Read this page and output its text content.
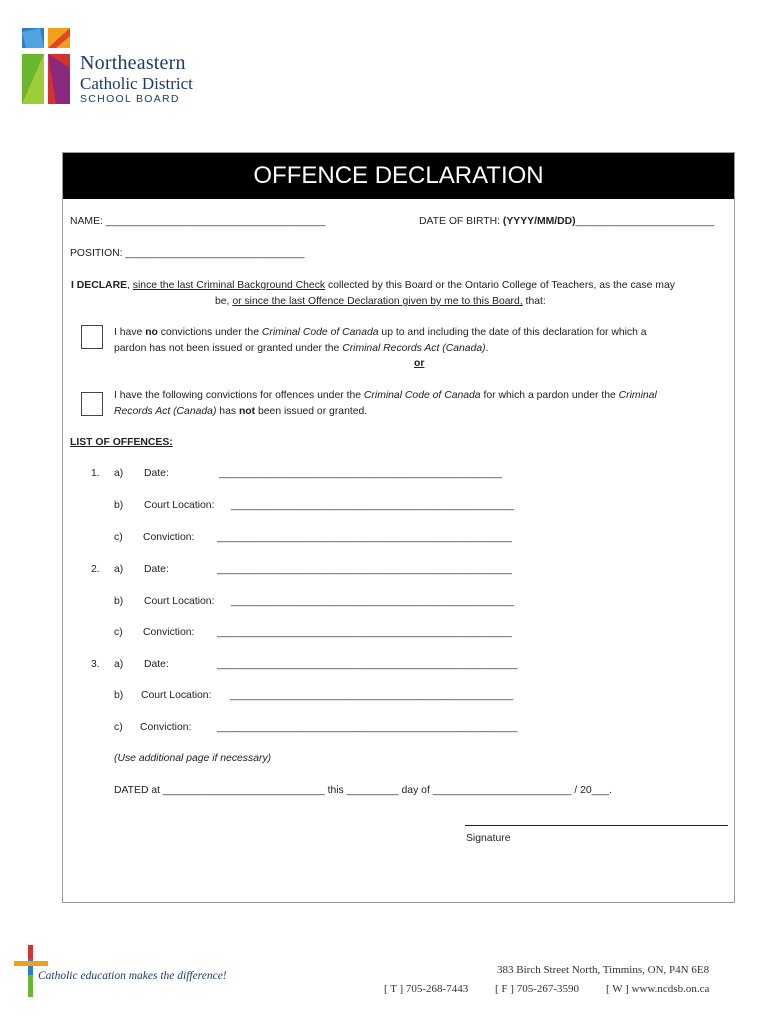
Northeastern
Catholic District
SCHOOL BOARD
OFFENCE DECLARATION
NAME: ______________________________________	DATE OF BIRTH: (YYYY/MM/DD)________________________
POSITION: _______________________________
I DECLARE, since the last Criminal Background Check collected by this Board or the Ontario College of Teachers, as the case may
be, or since the last Offence Declaration given by me to this Board, that:
I have no convictions under the Criminal Code of Canada up to and including the date of this declaration for which a
pardon has not been issued or granted under the Criminal Records Act (Canada).
or
I have the following convictions for offences under the Criminal Code of Canada for which a pardon under the Criminal
Records Act (Canada) has not been issued or granted.
LIST OF OFFENCES:
1. a) Date:	_________________________________________________
b) Court Location: _________________________________________________
c) Conviction: ___________________________________________________
2. a) Date:	___________________________________________________
b) Court Location: _________________________________________________
c) Conviction: ___________________________________________________
3. a) Date:	____________________________________________________
b) Court Location: _________________________________________________
c) Conviction: ____________________________________________________
(Use additional page if necessary)
DATED at ____________________________ this _________ day of ________________________ / 20___.
Signature
Catholic education makes the difference!	383 Birch Street North, Timmins, ON, P4N 6E8
[ T ] 705-268-7443 [ F ] 705-267-3590 [ W ] www.ncdsb.on.ca
